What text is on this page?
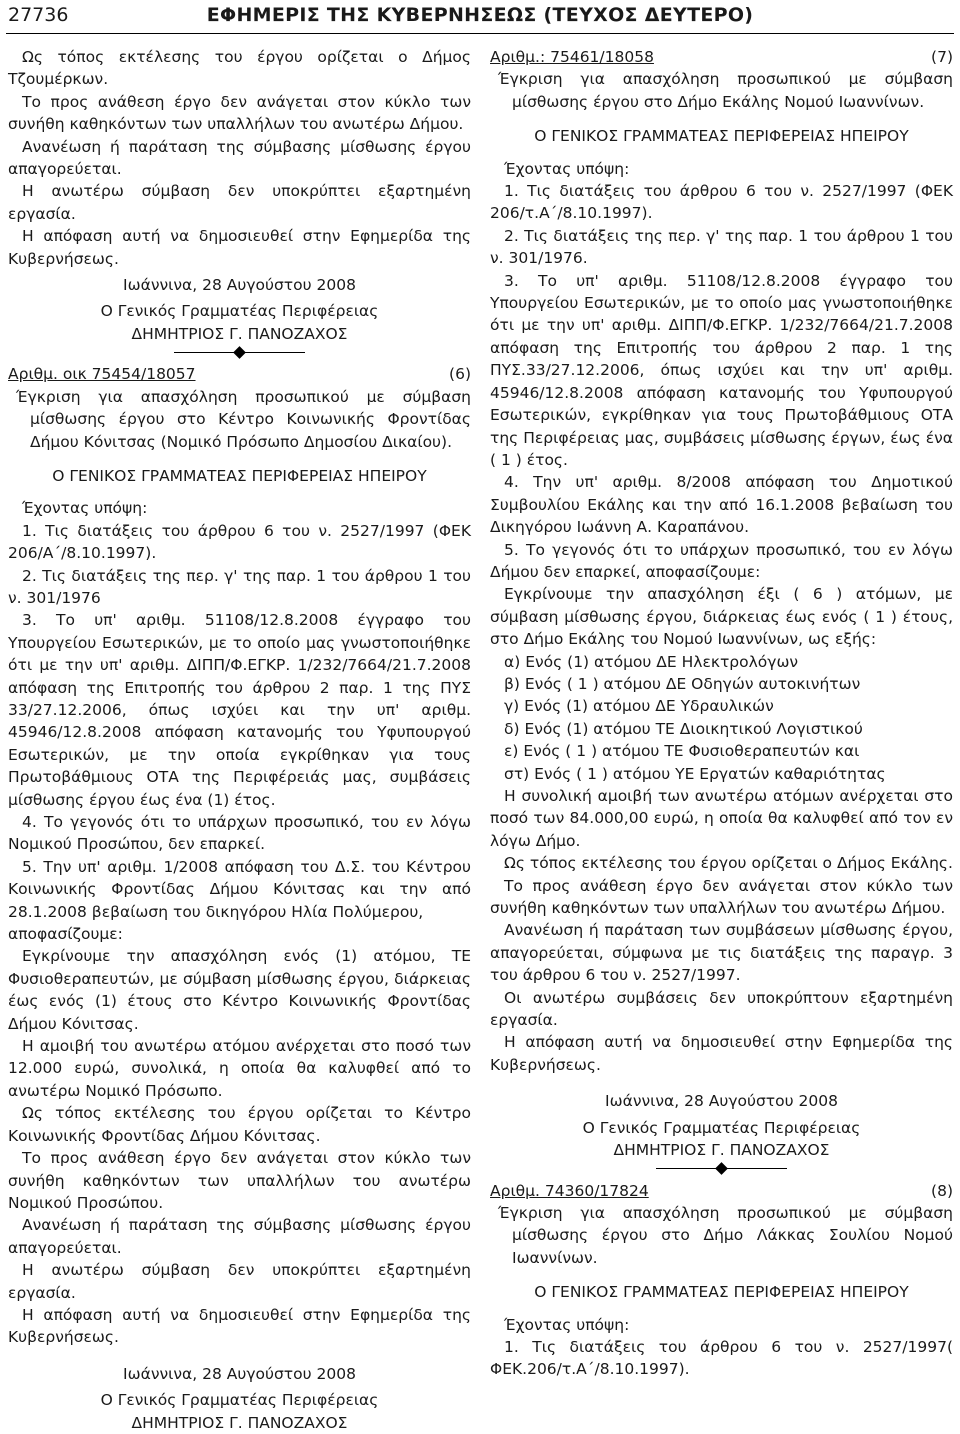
27736	ΕΦΗΜΕΡΙΣ ΤΗΣ ΚΥΒΕΡΝΗΣΕΩΣ (ΤΕΥΧΟΣ ΔΕΥΤΕΡΟ)

Ως τόπος εκτέλεσης του έργου ορίζεται ο Δήμος Τζουμέρκων.

Το προς ανάθεση έργο δεν ανάγεται στον κύκλο των συνήθη καθηκόντων των υπαλλήλων του ανωτέρω Δήμου.

Ανανέωση ή παράταση της σύμβασης μίσθωσης έργου απαγορεύεται.

Η ανωτέρω σύμβαση δεν υποκρύπτει εξαρτημένη εργασία.

Η απόφαση αυτή να δημοσιευθεί στην Εφημερίδα της Κυβερνήσεως.

Ιωάννινα, 28 Αυγούστου 2008

Ο Γενικός Γραμματέας Περιφέρειας

ΔΗΜΗΤΡΙΟΣ Γ. ΠΑΝΟΖΑΧΟΣ

Αριθμ. οικ 75454/18057	(6)

Έγκριση για απασχόληση προσωπικού με σύμβαση μίσθωσης έργου στο Κέντρο Κοινωνικής Φροντίδας Δήμου Κόνιτσας (Νομικό Πρόσωπο Δημοσίου Δικαίου).

Ο ΓΕΝΙΚΟΣ ΓΡΑΜΜΑΤΕΑΣ ΠΕΡΙΦΕΡΕΙΑΣ ΗΠΕΙΡΟΥ

Έχοντας υπόψη:

1. Τις διατάξεις του άρθρου 6 του ν. 2527/1997 (ΦΕΚ 206/Α΄/8.10.1997).

2. Τις διατάξεις της περ. γ' της παρ. 1 του άρθρου 1 του ν. 301/1976

3. Το υπ' αριθμ. 51108/12.8.2008 έγγραφο του Υπουργείου Εσωτερικών, με το οποίο μας γνωστοποιήθηκε ότι με την υπ' αριθμ. ΔΙΠΠ/Φ.ΕΓΚΡ. 1/232/7664/21.7.2008 απόφαση της Επιτροπής του άρθρου 2 παρ. 1 της ΠΥΣ 33/27.12.2006, όπως ισχύει και την υπ' αριθμ. 45946/12.8.2008 απόφαση κατανομής του Υφυπουργού Εσωτερικών, με την οποία εγκρίθηκαν για τους Πρωτοβάθμιους ΟΤΑ της Περιφέρειάς μας, συμβάσεις μίσθωσης έργου έως ένα (1) έτος.

4. Το γεγονός ότι το υπάρχων προσωπικό, του εν λόγω Νομικού Προσώπου, δεν επαρκεί.

5. Την υπ' αριθμ. 1/2008 απόφαση του Δ.Σ. του Κέντρου Κοινωνικής Φροντίδας Δήμου Κόνιτσας και την από 28.1.2008 βεβαίωση του δικηγόρου Ηλία Πολύμερου,

αποφασίζουμε:

Εγκρίνουμε την απασχόληση ενός (1) ατόμου, ΤΕ Φυσιοθεραπευτών, με σύμβαση μίσθωσης έργου, διάρκειας έως ενός (1) έτους στο Κέντρο Κοινωνικής Φροντίδας Δήμου Κόνιτσας.

Η αμοιβή του ανωτέρω ατόμου ανέρχεται στο ποσό των 12.000 ευρώ, συνολικά, η οποία θα καλυφθεί από το ανωτέρω Νομικό Πρόσωπο.

Ως τόπος εκτέλεσης του έργου ορίζεται το Κέντρο Κοινωνικής Φροντίδας Δήμου Κόνιτσας.

Το προς ανάθεση έργο δεν ανάγεται στον κύκλο των συνήθη καθηκόντων των υπαλλήλων του ανωτέρω Νομικού Προσώπου.

Ανανέωση ή παράταση της σύμβασης μίσθωσης έργου απαγορεύεται.

Η ανωτέρω σύμβαση δεν υποκρύπτει εξαρτημένη εργασία.

Η απόφαση αυτή να δημοσιευθεί στην Εφημερίδα της Κυβερνήσεως.

Ιωάννινα, 28 Αυγούστου 2008

Ο Γενικός Γραμματέας Περιφέρειας

ΔΗΜΗΤΡΙΟΣ Γ. ΠΑΝΟΖΑΧΟΣ

Αριθμ.: 75461/18058	(7)

Έγκριση για απασχόληση προσωπικού με σύμβαση μίσθωσης έργου στο Δήμο Εκάλης Νομού Ιωαννίνων.

Ο ΓΕΝΙΚΟΣ ΓΡΑΜΜΑΤΕΑΣ ΠΕΡΙΦΕΡΕΙΑΣ ΗΠΕΙΡΟΥ

Έχοντας υπόψη:

1. Τις διατάξεις του άρθρου 6 του ν. 2527/1997 (ΦΕΚ 206/τ.Α΄/8.10.1997).

2. Τις διατάξεις της περ. γ' της παρ. 1 του άρθρου 1 του ν. 301/1976.

3. Το υπ' αριθμ. 51108/12.8.2008 έγγραφο του Υπουργείου Εσωτερικών, με το οποίο μας γνωστοποιήθηκε ότι με την υπ' αριθμ. ΔΙΠΠ/Φ.ΕΓΚΡ. 1/232/7664/21.7.2008 απόφαση της Επιτροπής του άρθρου 2 παρ. 1 της ΠΥΣ.33/27.12.2006, όπως ισχύει και την υπ' αριθμ. 45946/12.8.2008 απόφαση κατανομής του Υφυπουργού Εσωτερικών, εγκρίθηκαν για τους Πρωτοβάθμιους ΟΤΑ της Περιφέρειας μας, συμβάσεις μίσθωσης έργων, έως ένα ( 1 ) έτος.

4. Την υπ' αριθμ. 8/2008 απόφαση του Δημοτικού Συμβουλίου Εκάλης και την από 16.1.2008 βεβαίωση του Δικηγόρου Ιωάννη Α. Καραπάνου.

5. Το γεγονός ότι το υπάρχων προσωπικό, του εν λόγω Δήμου δεν επαρκεί, αποφασίζουμε:

Εγκρίνουμε την απασχόληση έξι ( 6 ) ατόμων, με σύμβαση μίσθωσης έργου, διάρκειας έως ενός ( 1 ) έτους, στο Δήμο Εκάλης του Νομού Ιωαννίνων, ως εξής:

α) Ενός (1) ατόμου ΔΕ Ηλεκτρολόγων

β) Ενός ( 1 ) ατόμου ΔΕ Οδηγών αυτοκινήτων

γ) Ενός (1) ατόμου ΔΕ Υδραυλικών

δ) Ενός (1) ατόμου ΤΕ Διοικητικού Λογιστικού

ε) Ενός ( 1 ) ατόμου ΤΕ Φυσιοθεραπευτών και

στ) Ενός ( 1 ) ατόμου ΥΕ Εργατών καθαριότητας

Η συνολική αμοιβή των ανωτέρω ατόμων ανέρχεται στο ποσό των 84.000,00 ευρώ, η οποία θα καλυφθεί από τον εν λόγω Δήμο.

Ως τόπος εκτέλεσης του έργου ορίζεται ο Δήμος Εκάλης.

Το προς ανάθεση έργο δεν ανάγεται στον κύκλο των συνήθη καθηκόντων των υπαλλήλων του ανωτέρω Δήμου.

Ανανέωση ή παράταση των συμβάσεων μίσθωσης έργου, απαγορεύεται, σύμφωνα με τις διατάξεις της παραγρ. 3 του άρθρου 6 του ν. 2527/1997.

Οι ανωτέρω συμβάσεις δεν υποκρύπτουν εξαρτημένη εργασία.

Η απόφαση αυτή να δημοσιευθεί στην Εφημερίδα της Κυβερνήσεως.

Ιωάννινα, 28 Αυγούστου 2008

Ο Γενικός Γραμματέας Περιφέρειας

ΔΗΜΗΤΡΙΟΣ Γ. ΠΑΝΟΖΑΧΟΣ

Αριθμ. 74360/17824	(8)

Έγκριση για απασχόληση προσωπικού με σύμβαση μίσθωσης έργου στο Δήμο Λάκκας Σουλίου Νομού Ιωαννίνων.

Ο ΓΕΝΙΚΟΣ ΓΡΑΜΜΑΤΕΑΣ ΠΕΡΙΦΕΡΕΙΑΣ ΗΠΕΙΡΟΥ

Έχοντας υπόψη:

1. Τις διατάξεις του άρθρου 6 του ν. 2527/1997( ΦΕΚ.206/τ.Α΄/8.10.1997).
